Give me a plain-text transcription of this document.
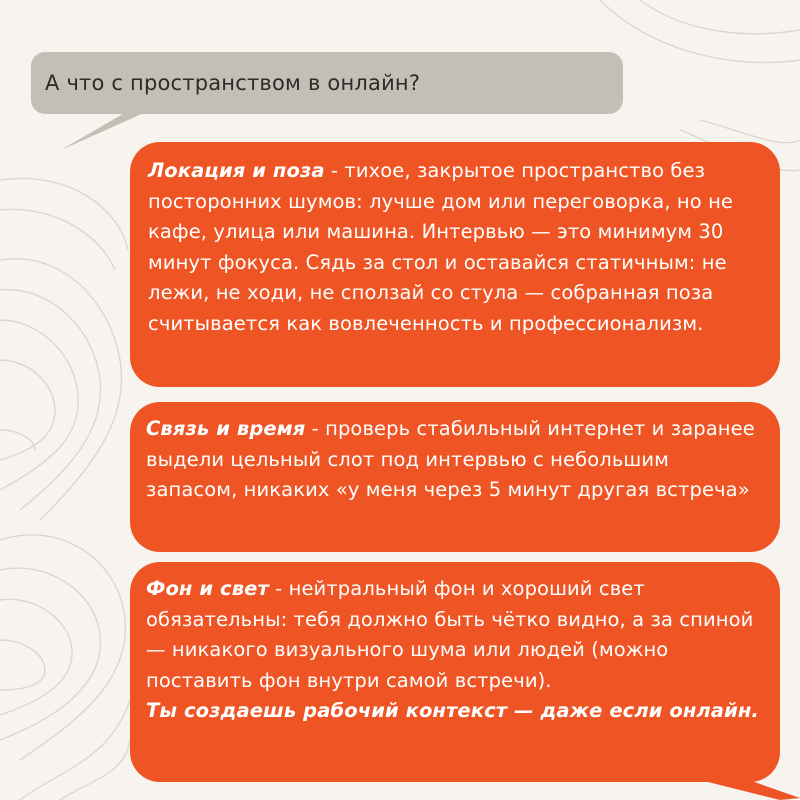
А что с пространством в онлайн?

Локация и поза - тихое, закрытое пространство без посторонних шумов: лучше дом или переговорка, но не кафе, улица или машина. Интервью — это минимум 30 минут фокуса. Сядь за стол и оставайся статичным: не лежи, не ходи, не сползай со стула — собранная поза считывается как вовлеченность и профессионализм.

Связь и время - проверь стабильный интернет и заранее выдели цельный слот под интервью с небольшим запасом, никаких «у меня через 5 минут другая встреча»

Фон и свет - нейтральный фон и хороший свет обязательны: тебя должно быть чётко видно, а за спиной — никакого визуального шума или людей (можно поставить фон внутри самой встречи).

Ты создаешь рабочий контекст — даже если онлайн.
